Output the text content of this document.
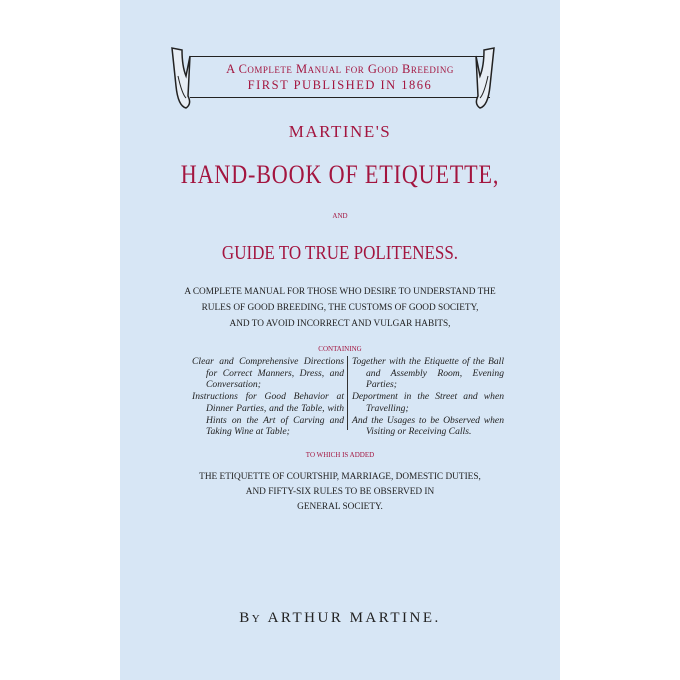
A Complete Manual for Good Breeding
FIRST PUBLISHED IN 1866
MARTINE'S
HAND-BOOK OF ETIQUETTE,
AND
GUIDE TO TRUE POLITENESS.
A COMPLETE MANUAL FOR THOSE WHO DESIRE TO UNDERSTAND THE
RULES OF GOOD BREEDING, THE CUSTOMS OF GOOD SOCIETY,
AND TO AVOID INCORRECT AND VULGAR HABITS,
CONTAINING

Clear and Comprehensive Directions for Correct Manners, Dress, and Conversation;

Instructions for Good Behavior at Dinner Parties, and the Table, with Hints on the Art of Carving and Taking Wine at Table;

Together with the Etiquette of the Ball and Assembly Room, Evening Parties;

Deportment in the Street and when Travelling;

And the Usages to be Observed when Visiting or Receiving Calls.

TO WHICH IS ADDED
THE ETIQUETTE OF COURTSHIP, MARRIAGE, DOMESTIC DUTIES,
AND FIFTY-SIX RULES TO BE OBSERVED IN
GENERAL SOCIETY.
By ARTHUR MARTINE.
